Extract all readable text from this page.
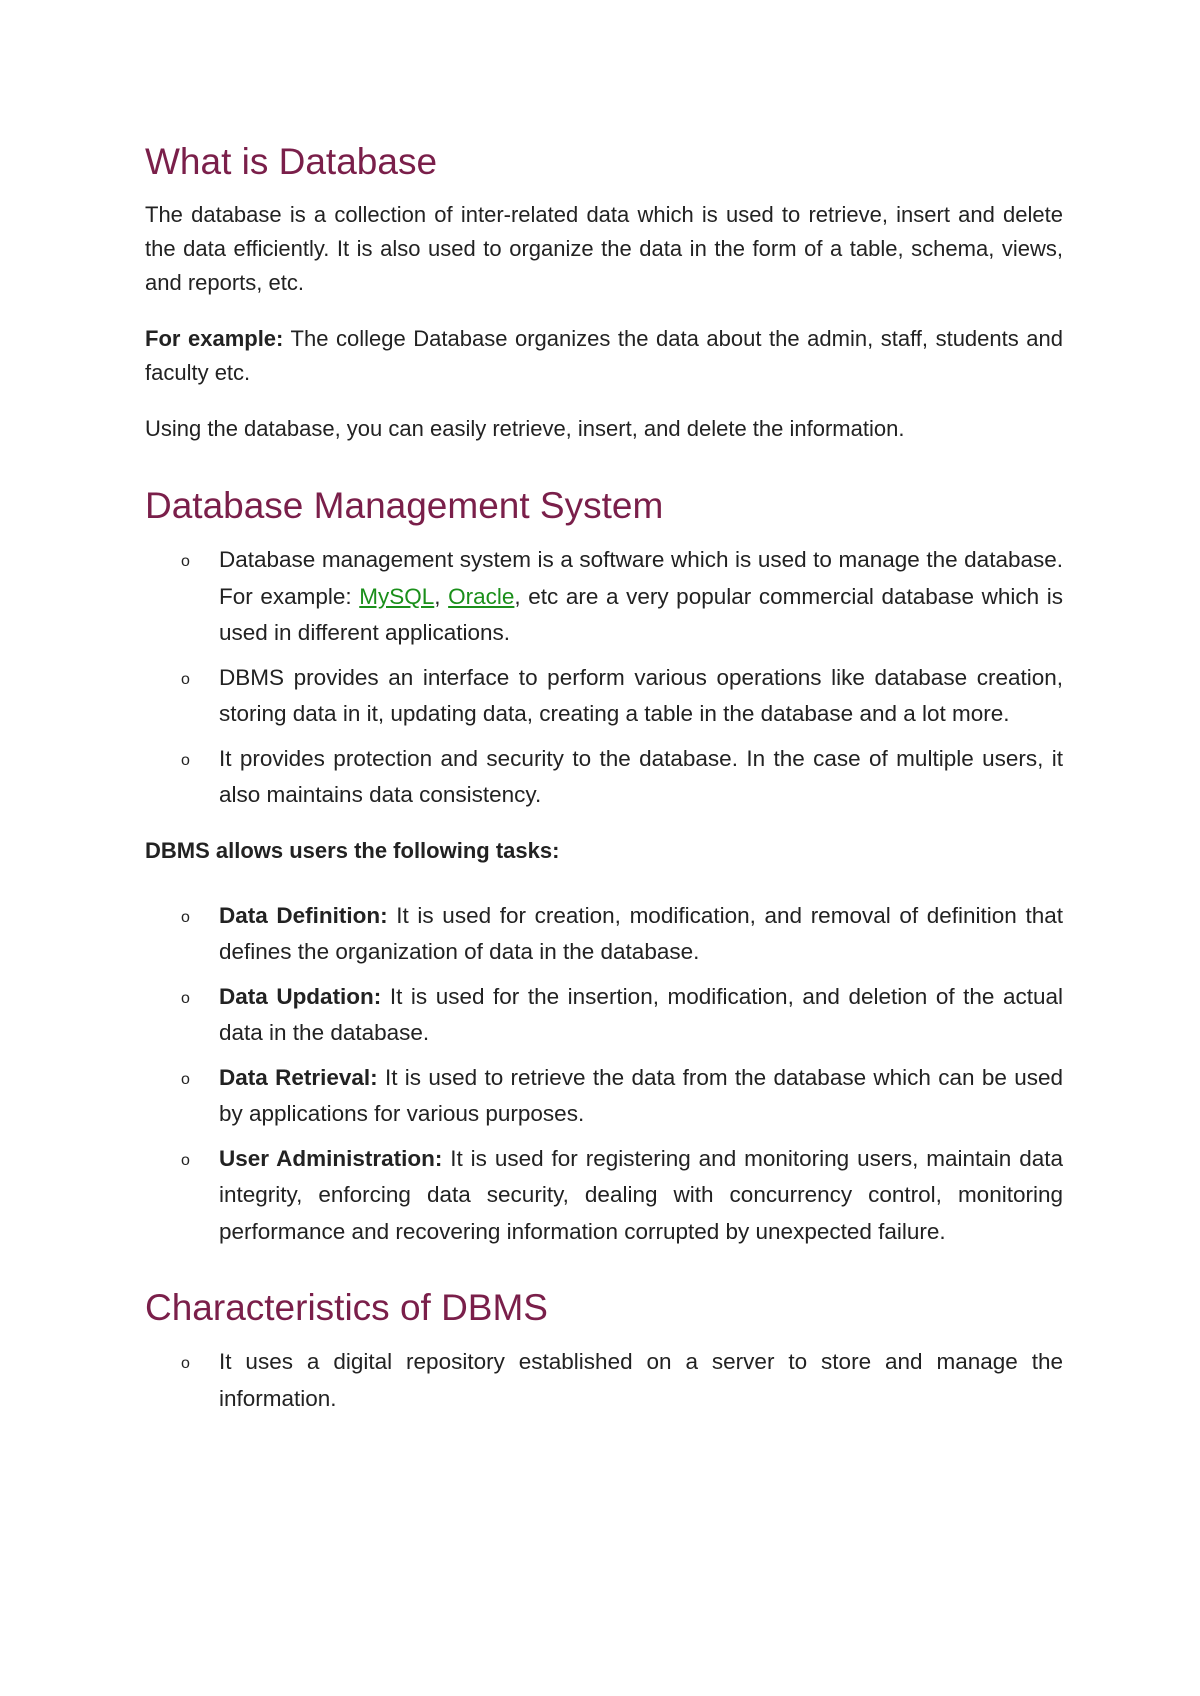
What is Database

The database is a collection of inter-related data which is used to retrieve, insert and delete the data efficiently. It is also used to organize the data in the form of a table, schema, views, and reports, etc.

For example: The college Database organizes the data about the admin, staff, students and faculty etc.

Using the database, you can easily retrieve, insert, and delete the information.

Database Management System
o Database management system is a software which is used to manage the database. For example: MySQL, Oracle, etc are a very popular commercial database which is used in different applications.
o DBMS provides an interface to perform various operations like database creation, storing data in it, updating data, creating a table in the database and a lot more.
o It provides protection and security to the database. In the case of multiple users, it also maintains data consistency.
DBMS allows users the following tasks:
o Data Definition: It is used for creation, modification, and removal of definition that defines the organization of data in the database.
o Data Updation: It is used for the insertion, modification, and deletion of the actual data in the database.
o Data Retrieval: It is used to retrieve the data from the database which can be used by applications for various purposes.
o User Administration: It is used for registering and monitoring users, maintain data integrity, enforcing data security, dealing with concurrency control, monitoring performance and recovering information corrupted by unexpected failure.
Characteristics of DBMS
o It uses a digital repository established on a server to store and manage the information.
